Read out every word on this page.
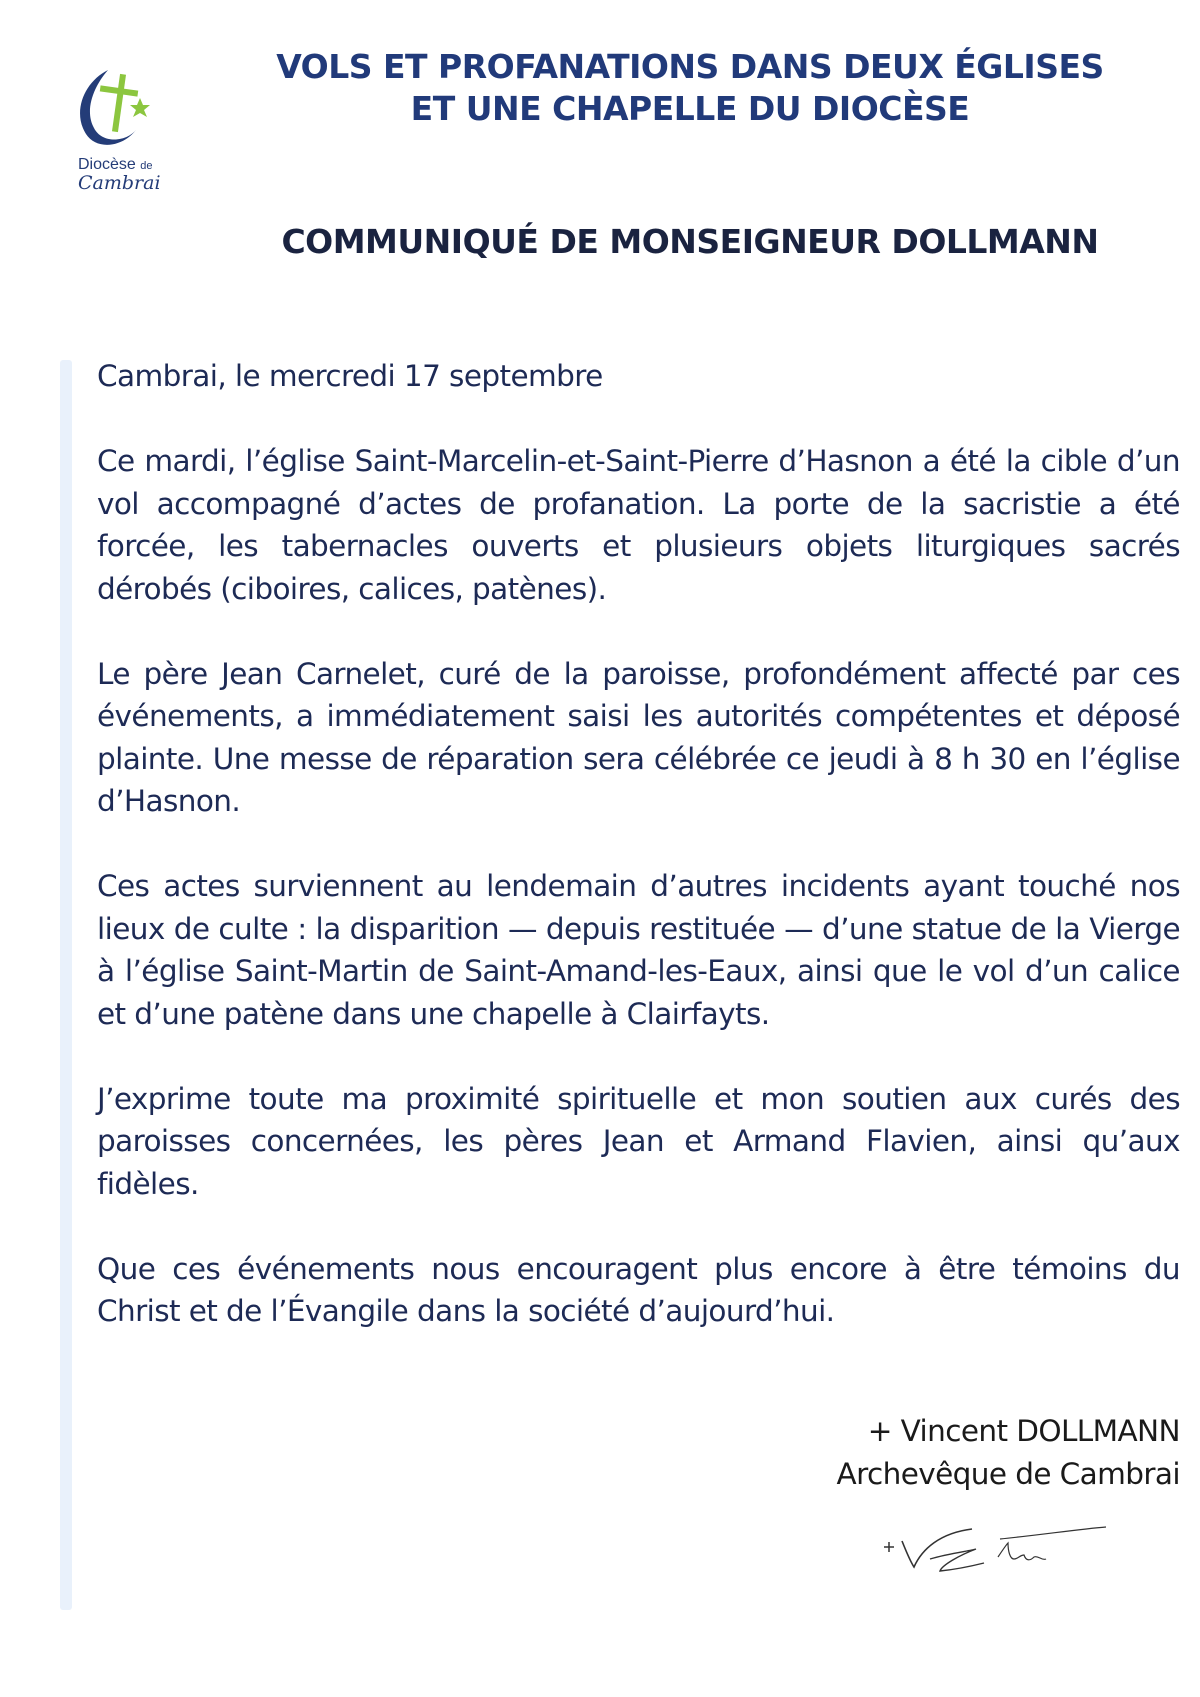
Diocèse de
Cambrai
VOLS ET PROFANATIONS DANS DEUX ÉGLISES
ET UNE CHAPELLE DU DIOCÈSE
COMMUNIQUÉ DE MONSEIGNEUR DOLLMANN

Cambrai, le mercredi 17 septembre

Ce mardi, l’église Saint-Marcelin-et-Saint-Pierre d’Hasnon a été la cible d’un vol accompagné d’actes de profanation. La porte de la sacristie a été forcée, les tabernacles ouverts et plusieurs objets liturgiques sacrés dérobés (ciboires, calices, patènes).

Le père Jean Carnelet, curé de la paroisse, profondément affecté par ces événements, a immédiatement saisi les autorités compétentes et déposé plainte. Une messe de réparation sera célébrée ce jeudi à 8 h 30 en l’église d’Hasnon.

Ces actes surviennent au lendemain d’autres incidents ayant touché nos lieux de culte : la disparition — depuis restituée — d’une statue de la Vierge à l’église Saint-Martin de Saint-Amand-les-Eaux, ainsi que le vol d’un calice et d’une patène dans une chapelle à Clairfayts.

J’exprime toute ma proximité spirituelle et mon soutien aux curés des paroisses concernées, les pères Jean et Armand Flavien, ainsi qu’aux fidèles.

Que ces événements nous encouragent plus encore à être témoins du Christ et de l’Évangile dans la société d’aujourd’hui.

+ Vincent DOLLMANN
Archevêque de Cambrai
